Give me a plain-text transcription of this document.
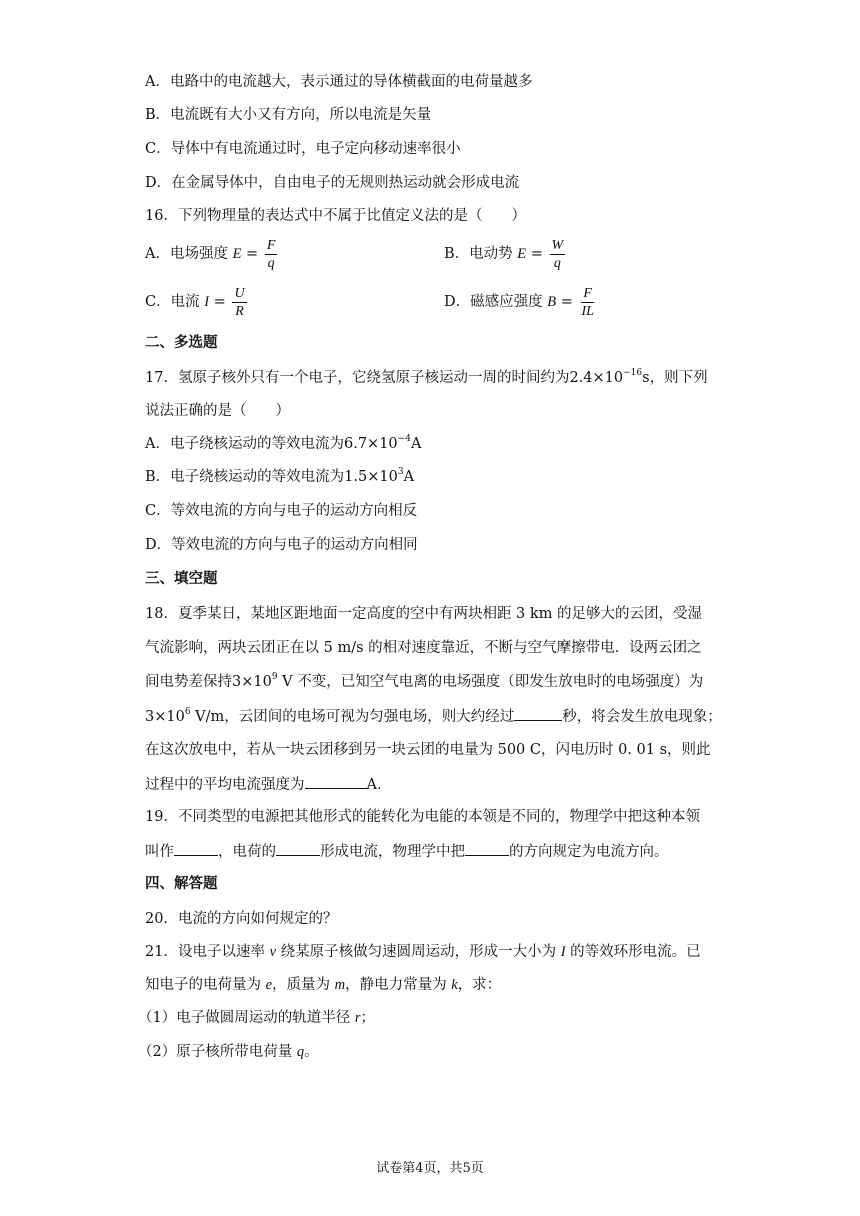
A．电路中的电流越大，表示通过的导体横截面的电荷量越多
B．电流既有大小又有方向，所以电流是矢量
C．导体中有电流通过时，电子定向移动速率很小
D．在金属导体中，自由电子的无规则热运动就会形成电流
16．下列物理量的表达式中不属于比值定义法的是（　　）
A．电场强度 $E = \frac{F}{q}$	B．电动势 $E = \frac{W}{q}$
C．电流 $I = \frac{U}{R}$	D．磁感应强度 $B = \frac{F}{IL}$
二、多选题
17．氢原子核外只有一个电子，它绕氢原子核运动一周的时间约为$2.4\times 10^{-16}s$，则下列
说法正确的是（　　）
A．电子绕核运动的等效电流为$6.7\times 10^{-4}A$
B．电子绕核运动的等效电流为$1.5\times 10^3A$
C．等效电流的方向与电子的运动方向相反
D．等效电流的方向与电子的运动方向相同
三、填空题
18．夏季某日，某地区距地面一定高度的空中有两块相距 3 km 的足够大的云团，受湿
气流影响，两块云团正在以 5 m/s 的相对速度靠近，不断与空气摩擦带电．设两云团之
间电势差保持$3\times 10^9$ V 不变，已知空气电离的电场强度（即发生放电时的电场强度）为
$3\times 10^6$ V/m，云团间的电场可视为匀强电场，则大约经过	秒，将会发生放电现象；
在这次放电中，若从一块云团移到另一块云团的电量为 500 C，闪电历时 0. 01 s，则此
过程中的平均电流强度为	A．
19．不同类型的电源把其他形式的能转化为电能的本领是不同的，物理学中把这种本领
叫作	，电荷的	形成电流，物理学中把	的方向规定为电流方向。
四、解答题
20．电流的方向如何规定的？
21．设电子以速率 v 绕某原子核做匀速圆周运动，形成一大小为 I 的等效环形电流。已
知电子的电荷量为 e，质量为 m，静电力常量为 k，求：
（1）电子做圆周运动的轨道半径 r；
（2）原子核所带电荷量 q。
试卷第4页，共5页
